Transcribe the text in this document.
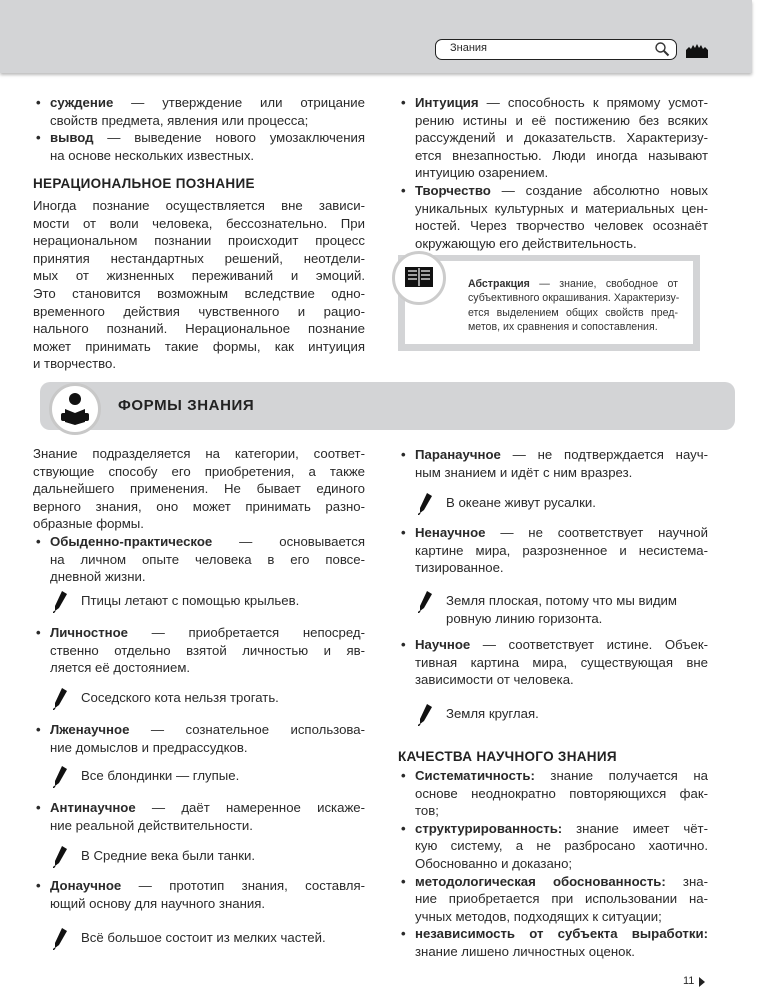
Знания
• суждение — утверждение или отрицание
свойств предмета, явления или процесса;
• вывод — выведение нового умозаключения
на основе нескольких известных.
НЕРАЦИОНАЛЬНОЕ ПОЗНАНИЕ
Иногда познание осуществляется вне зависи-
мости от воли человека, бессознательно. При
нерациональном познании происходит процесс
принятия нестандартных решений, неотдели-
мых от жизненных переживаний и эмоций.
Это становится возможным вследствие одно-
временного действия чувственного и рацио-
нального познаний. Нерациональное познание
может принимать такие формы, как интуиция
и творчество.
• Интуиция — способность к прямому усмот-
рению истины и её постижению без всяких
рассуждений и доказательств. Характеризу-
ется внезапностью. Люди иногда называют
интуицию озарением.
• Творчество — создание абсолютно новых
уникальных культурных и материальных цен-
ностей. Через творчество человек осознаёт
окружающую его действительность.
Абстракция — знание, свободное от
субъективного окрашивания. Характеризу-
ется выделением общих свойств пред-
метов, их сравнения и сопоставления.
ФОРМЫ ЗНАНИЯ
Знание подразделяется на категории, соответ-
ствующие способу его приобретения, а также
дальнейшего применения. Не бывает единого
верного знания, оно может принимать разно-
образные формы.
КАЧЕСТВА НАУЧНОГО ЗНАНИЯ
• Систематичность: знание получается на
основе неоднократно повторяющихся фак-
тов;
• структурированность: знание имеет чёт-
кую систему, а не разбросано хаотично.
Обоснованно и доказано;
• методологическая обоснованность: зна-
ние приобретается при использовании на-
учных методов, подходящих к ситуации;
• независимость от субъекта выработки:
знание лишено личностных оценок.
11
• Обыденно-практическое — основывается
на личном опыте человека в его повсе-
дневной жизни.
Птицы летают с помощью крыльев.
• Личностное — приобретается непосред-
ственно отдельно взятой личностью и яв-
ляется её достоянием.
Соседского кота нельзя трогать.
• Лженаучное — сознательное использова-
ние домыслов и предрассудков.
Все блондинки — глупые.
• Антинаучное — даёт намеренное искаже-
ние реальной действительности.
В Средние века были танки.
• Донаучное — прототип знания, составля-
ющий основу для научного знания.
Всё большое состоит из мелких частей.
• Паранаучное — не подтверждается науч-
ным знанием и идёт с ним вразрез.
В океане живут русалки.
• Ненаучное — не соответствует научной
картине мира, разрозненное и несистема-
тизированное.
Земля плоская, потому что мы видим
ровную линию горизонта.
• Научное — соответствует истине. Объек-
тивная картина мира, существующая вне
зависимости от человека.
Земля круглая.
